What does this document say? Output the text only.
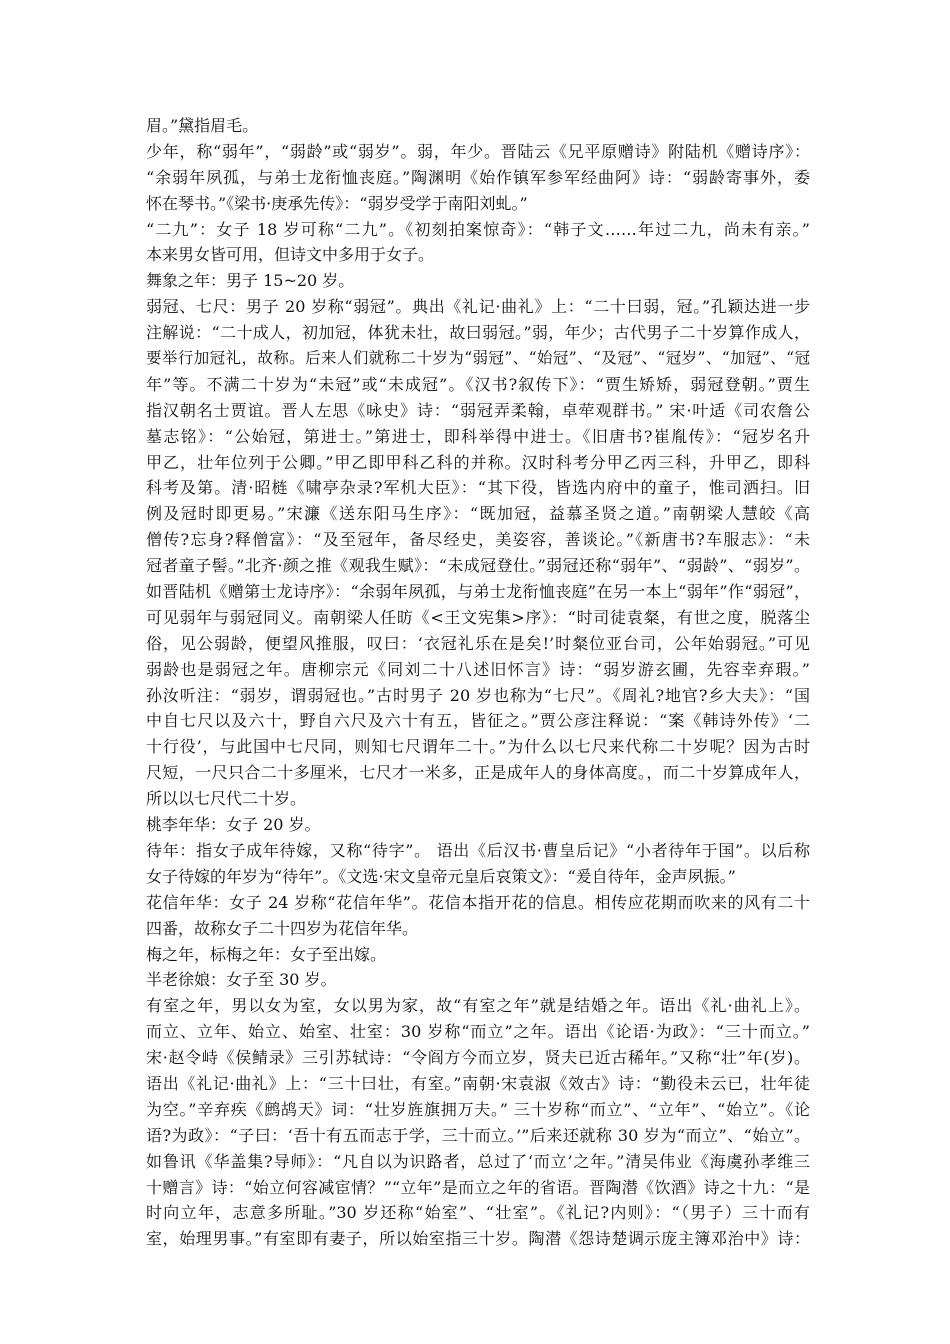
眉。”黛指眉毛。
少年，称“弱年”，“弱龄”或“弱岁”。弱，年少。晋陆云《兄平原赠诗》附陆机《赠诗序》：
“余弱年夙孤，与弟士龙衔恤丧庭。”陶渊明《始作镇军参军经曲阿》诗：“弱龄寄事外，委
怀在琴书。”《梁书·庚承先传》：“弱岁受学于南阳刘虬。”
“二九”：女子 18 岁可称“二九”。《初刻拍案惊奇》：“韩子文……年过二九，尚未有亲。”
本来男女皆可用，但诗文中多用于女子。
舞象之年：男子 15~20 岁。
弱冠、七尺：男子 20 岁称“弱冠”。典出《礼记·曲礼》上：“二十曰弱，冠。”孔颖达进一步
注解说：“二十成人，初加冠，体犹未壮，故曰弱冠。”弱，年少；古代男子二十岁算作成人，
要举行加冠礼，故称。后来人们就称二十岁为“弱冠”、“始冠”、“及冠”、“冠岁”、“加冠”、“冠
年”等。不满二十岁为“未冠”或“未成冠”。《汉书?叙传下》：“贾生矫矫，弱冠登朝。”贾生
指汉朝名士贾谊。晋人左思《咏史》诗：“弱冠弄柔翰，卓荦观群书。” 宋·叶适《司农詹公
墓志铭》：“公始冠，第进士。”第进士，即科举得中进士。《旧唐书?崔胤传》：“冠岁名升
甲乙，壮年位列于公卿。”甲乙即甲科乙科的并称。汉时科考分甲乙丙三科，升甲乙，即科
科考及第。清·昭梿《啸亭杂录?军机大臣》：“其下役，皆选内府中的童子，惟司洒扫。旧
例及冠时即更易。”宋濂《送东阳马生序》：“既加冠，益慕圣贤之道。”南朝梁人慧皎《高
僧传?忘身?释僧富》：“及至冠年，备尽经史，美姿容，善谈论。”《新唐书?车服志》：“未
冠者童子髻。”北齐·颜之推《观我生赋》：“未成冠登仕。”弱冠还称“弱年”、“弱龄”、“弱岁”。
如晋陆机《赠第士龙诗序》：“余弱年夙孤，与弟士龙衔恤丧庭”在另一本上“弱年”作“弱冠”，
可见弱年与弱冠同义。南朝梁人任昉《<王文宪集>序》：“时司徒袁粲，有世之度，脱落尘
俗，见公弱龄，便望风推服，叹曰：‘衣冠礼乐在是矣!’时粲位亚台司，公年始弱冠。”可见
弱龄也是弱冠之年。唐柳宗元《同刘二十八述旧怀言》诗：“弱岁游玄圃，先容幸弃瑕。”
孙汝听注：“弱岁，谓弱冠也。”古时男子 20 岁也称为“七尺”。《周礼?地官?乡大夫》：“国
中自七尺以及六十，野自六尺及六十有五，皆征之。”贾公彦注释说：“案《韩诗外传》‘二
十行役’，与此国中七尺同，则知七尺谓年二十。”为什么以七尺来代称二十岁呢？因为古时
尺短，一尺只合二十多厘米，七尺才一米多，正是成年人的身体高度。，而二十岁算成年人，
所以以七尺代二十岁。
桃李年华：女子 20 岁。
待年：指女子成年待嫁，又称“待字”。 语出《后汉书·曹皇后记》“小者待年于国”。以后称
女子待嫁的年岁为“待年”。《文选·宋文皇帝元皇后哀策文》：“爰自待年，金声夙振。”
花信年华：女子 24 岁称“花信年华”。花信本指开花的信息。相传应花期而吹来的风有二十
四番，故称女子二十四岁为花信年华。
梅之年，标梅之年：女子至出嫁。
半老徐娘：女子至 30 岁。
有室之年，男以女为室，女以男为家，故“有室之年”就是结婚之年。语出《礼·曲礼上》。
而立、立年、始立、始室、壮室：30 岁称“而立”之年。语出《论语·为政》：“三十而立。”
宋·赵令峙《侯鲭录》三引苏轼诗：“令阎方今而立岁，贤夫已近古稀年。”又称“壮”年(岁)。
语出《礼记·曲礼》上：“三十曰壮，有室。”南朝·宋袁淑《效古》诗：“勤役未云已，壮年徒
为空。”辛弃疾《鹧鸪天》词：“壮岁旌旗拥万夫。” 三十岁称“而立”、“立年”、“始立”。《论
语?为政》：“子曰：‘吾十有五而志于学，三十而立。’”后来还就称 30 岁为“而立”、“始立”。
如鲁讯《华盖集?导师》：“凡自以为识路者，总过了‘而立’之年。”清吴伟业《海虞孙孝维三
十赠言》诗：“始立何容减宦情？”“立年”是而立之年的省语。晋陶潜《饮酒》诗之十九：“是
时向立年，志意多所耻。”30 岁还称“始室”、“壮室”。《礼记?内则》：“（男子）三十而有
室，始理男事。”有室即有妻子，所以始室指三十岁。陶潜《怨诗楚调示庞主簿邓治中》诗：
